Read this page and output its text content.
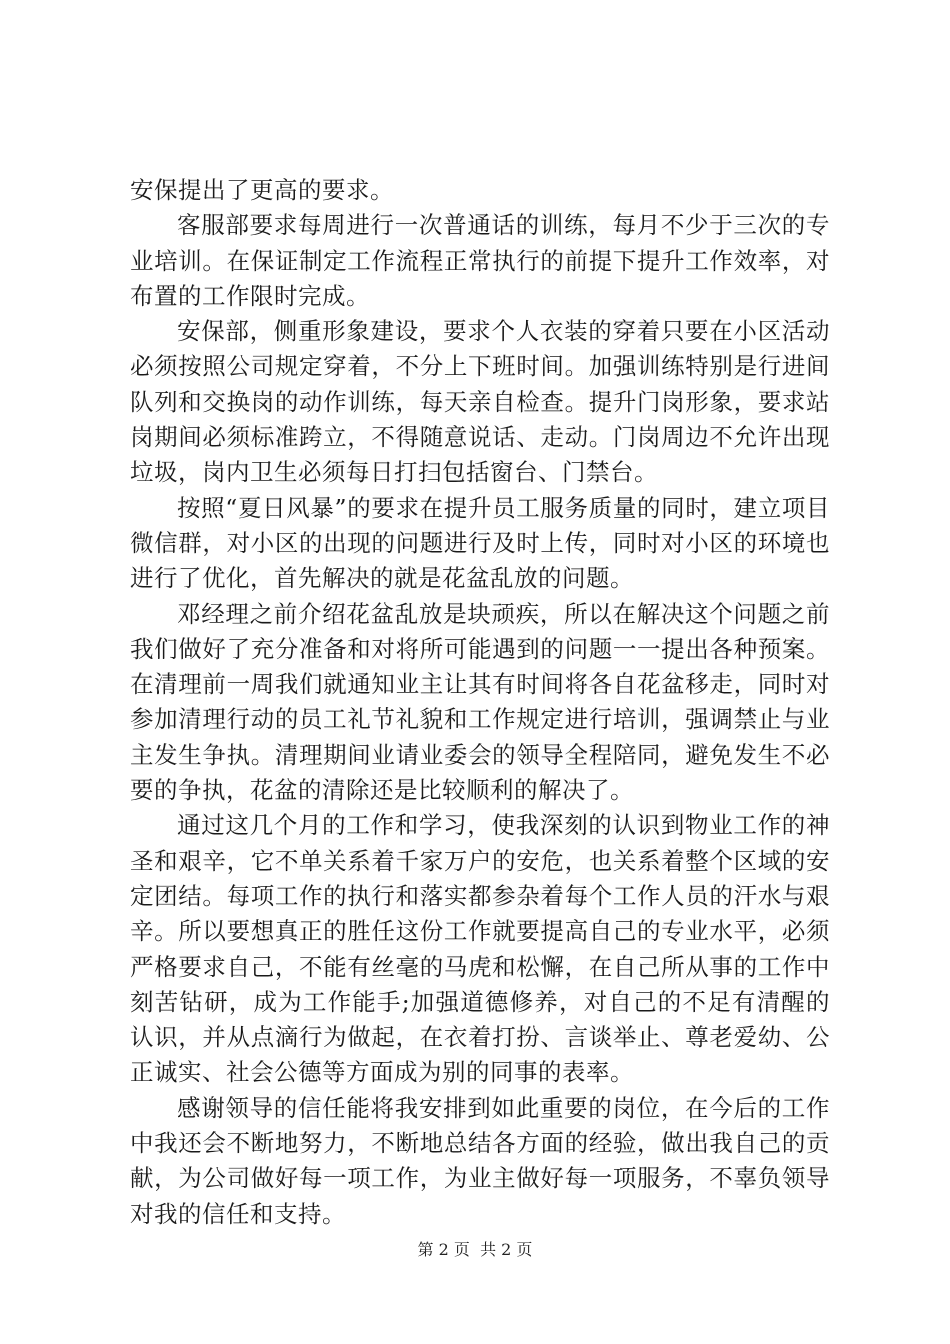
安保提出了更高的要求。

客服部要求每周进行一次普通话的训练，每月不少于三次的专业培训。在保证制定工作流程正常执行的前提下提升工作效率，对布置的工作限时完成。

安保部，侧重形象建设，要求个人衣装的穿着只要在小区活动必须按照公司规定穿着，不分上下班时间。加强训练特别是行进间队列和交换岗的动作训练，每天亲自检查。提升门岗形象，要求站岗期间必须标准跨立，不得随意说话、走动。门岗周边不允许出现垃圾，岗内卫生必须每日打扫包括窗台、门禁台。

按照“夏日风暴”的要求在提升员工服务质量的同时，建立项目微信群，对小区的出现的问题进行及时上传，同时对小区的环境也进行了优化，首先解决的就是花盆乱放的问题。

邓经理之前介绍花盆乱放是块顽疾，所以在解决这个问题之前我们做好了充分准备和对将所可能遇到的问题一一提出各种预案。在清理前一周我们就通知业主让其有时间将各自花盆移走，同时对参加清理行动的员工礼节礼貌和工作规定进行培训，强调禁止与业主发生争执。清理期间业请业委会的领导全程陪同，避免发生不必要的争执，花盆的清除还是比较顺利的解决了。

通过这几个月的工作和学习，使我深刻的认识到物业工作的神圣和艰辛，它不单关系着千家万户的安危，也关系着整个区域的安定团结。每项工作的执行和落实都参杂着每个工作人员的汗水与艰辛。所以要想真正的胜任这份工作就要提高自己的专业水平，必须严格要求自己，不能有丝毫的马虎和松懈，在自己所从事的工作中刻苦钻研，成为工作能手;加强道德修养，对自己的不足有清醒的认识，并从点滴行为做起，在衣着打扮、言谈举止、尊老爱幼、公正诚实、社会公德等方面成为别的同事的表率。

感谢领导的信任能将我安排到如此重要的岗位，在今后的工作中我还会不断地努力，不断地总结各方面的经验，做出我自己的贡献，为公司做好每一项工作，为业主做好每一项服务，不辜负领导对我的信任和支持。

第 2 页  共 2 页
